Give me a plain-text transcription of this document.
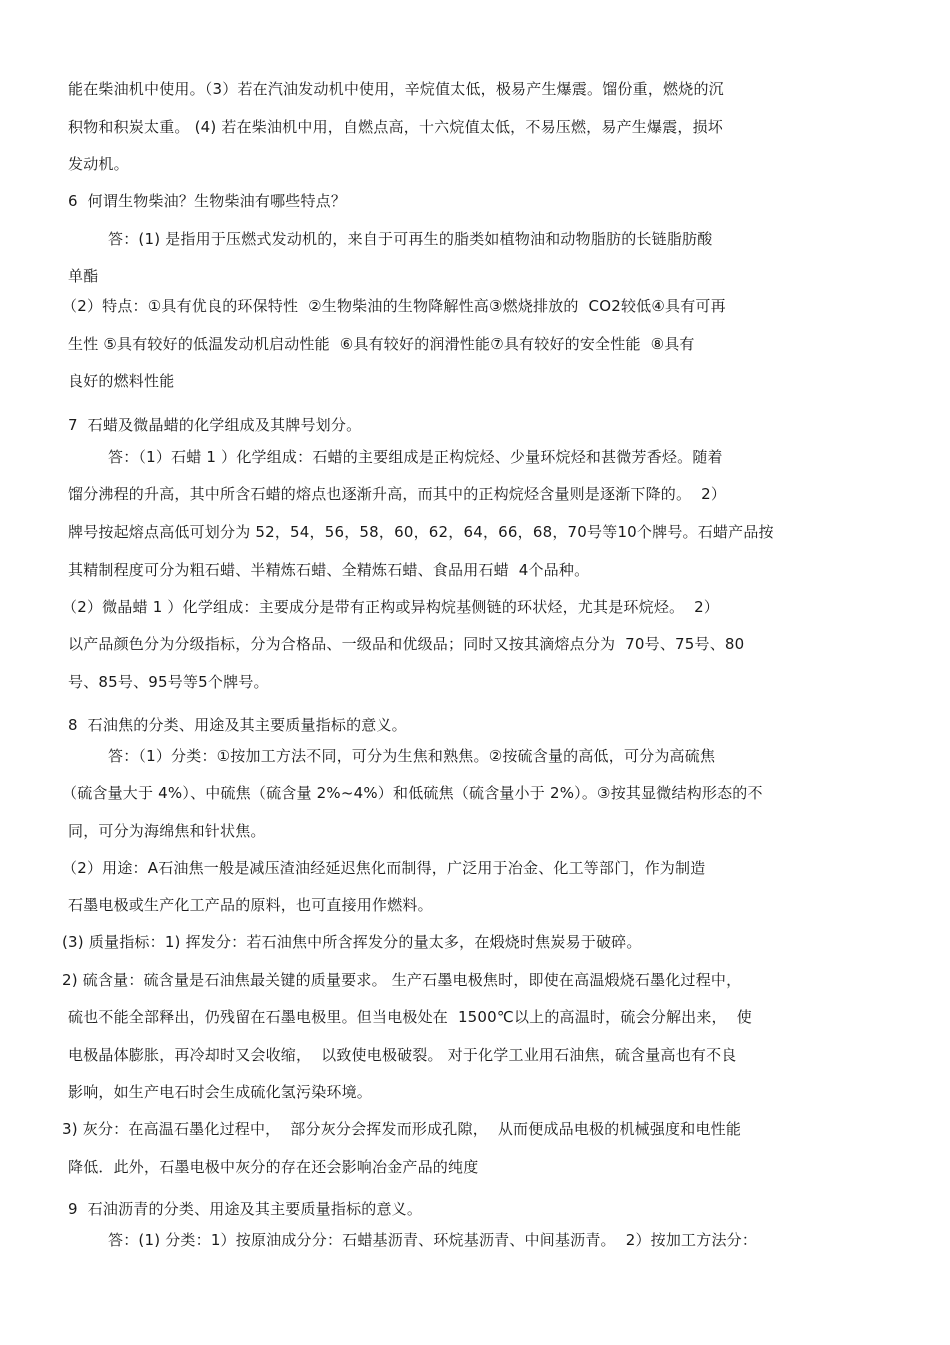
能在柴油机中使用。（3）若在汽油发动机中使用，辛烷值太低，极易产生爆震。馏份重，燃烧的沉
积物和积炭太重。 (4) 若在柴油机中用，自燃点高，十六烷值太低，不易压燃，易产生爆震，损坏
发动机。
6  何谓生物柴油？生物柴油有哪些特点？
答：(1) 是指用于压燃式发动机的，来自于可再生的脂类如植物油和动物脂肪的长链脂肪酸
单酯
（2）特点：①具有优良的环保特性  ②生物柴油的生物降解性高③燃烧排放的  CO2较低④具有可再
生性 ⑤具有较好的低温发动机启动性能  ⑥具有较好的润滑性能⑦具有较好的安全性能  ⑧具有
良好的燃料性能
7  石蜡及微晶蜡的化学组成及其牌号划分。
答：（1）石蜡 1 ）化学组成：石蜡的主要组成是正构烷烃、少量环烷烃和甚微芳香烃。随着
馏分沸程的升高，其中所含石蜡的熔点也逐渐升高，而其中的正构烷烃含量则是逐渐下降的。  2）
牌号按起熔点高低可划分为 52，54，56，58，60，62，64，66，68，70号等10个牌号。石蜡产品按
其精制程度可分为粗石蜡、半精炼石蜡、全精炼石蜡、食品用石蜡  4个品种。
（2）微晶蜡 1 ）化学组成：主要成分是带有正构或异构烷基侧链的环状烃，尤其是环烷烃。  2）
以产品颜色分为分级指标，分为合格品、一级品和优级品；同时又按其滴熔点分为  70号、75号、80
号、85号、95号等5个牌号。
8  石油焦的分类、用途及其主要质量指标的意义。
答：（1）分类：①按加工方法不同，可分为生焦和熟焦。②按硫含量的高低，可分为高硫焦
（硫含量大于 4%）、中硫焦（硫含量 2%~4%）和低硫焦（硫含量小于 2%）。③按其显微结构形态的不
同，可分为海绵焦和针状焦。
（2）用途：A石油焦一般是减压渣油经延迟焦化而制得，广泛用于冶金、化工等部门，作为制造
石墨电极或生产化工产品的原料，也可直接用作燃料。
(3) 质量指标：1) 挥发分：若石油焦中所含挥发分的量太多，在煅烧时焦炭易于破碎。
2) 硫含量：硫含量是石油焦最关键的质量要求。 生产石墨电极焦时，即使在高温煅烧石墨化过程中，
硫也不能全部释出，仍残留在石墨电极里。但当电极处在  1500℃以上的高温时，硫会分解出来，  使
电极晶体膨胀，再冷却时又会收缩，  以致使电极破裂。 对于化学工业用石油焦，硫含量高也有不良
影响，如生产电石时会生成硫化氢污染环境。
3) 灰分：在高温石墨化过程中，  部分灰分会挥发而形成孔隙，  从而便成品电极的机械强度和电性能
降低．此外，石墨电极中灰分的存在还会影响冶金产品的纯度
9  石油沥青的分类、用途及其主要质量指标的意义。
答：(1) 分类：1）按原油成分分：石蜡基沥青、环烷基沥青、中间基沥青。  2）按加工方法分：
